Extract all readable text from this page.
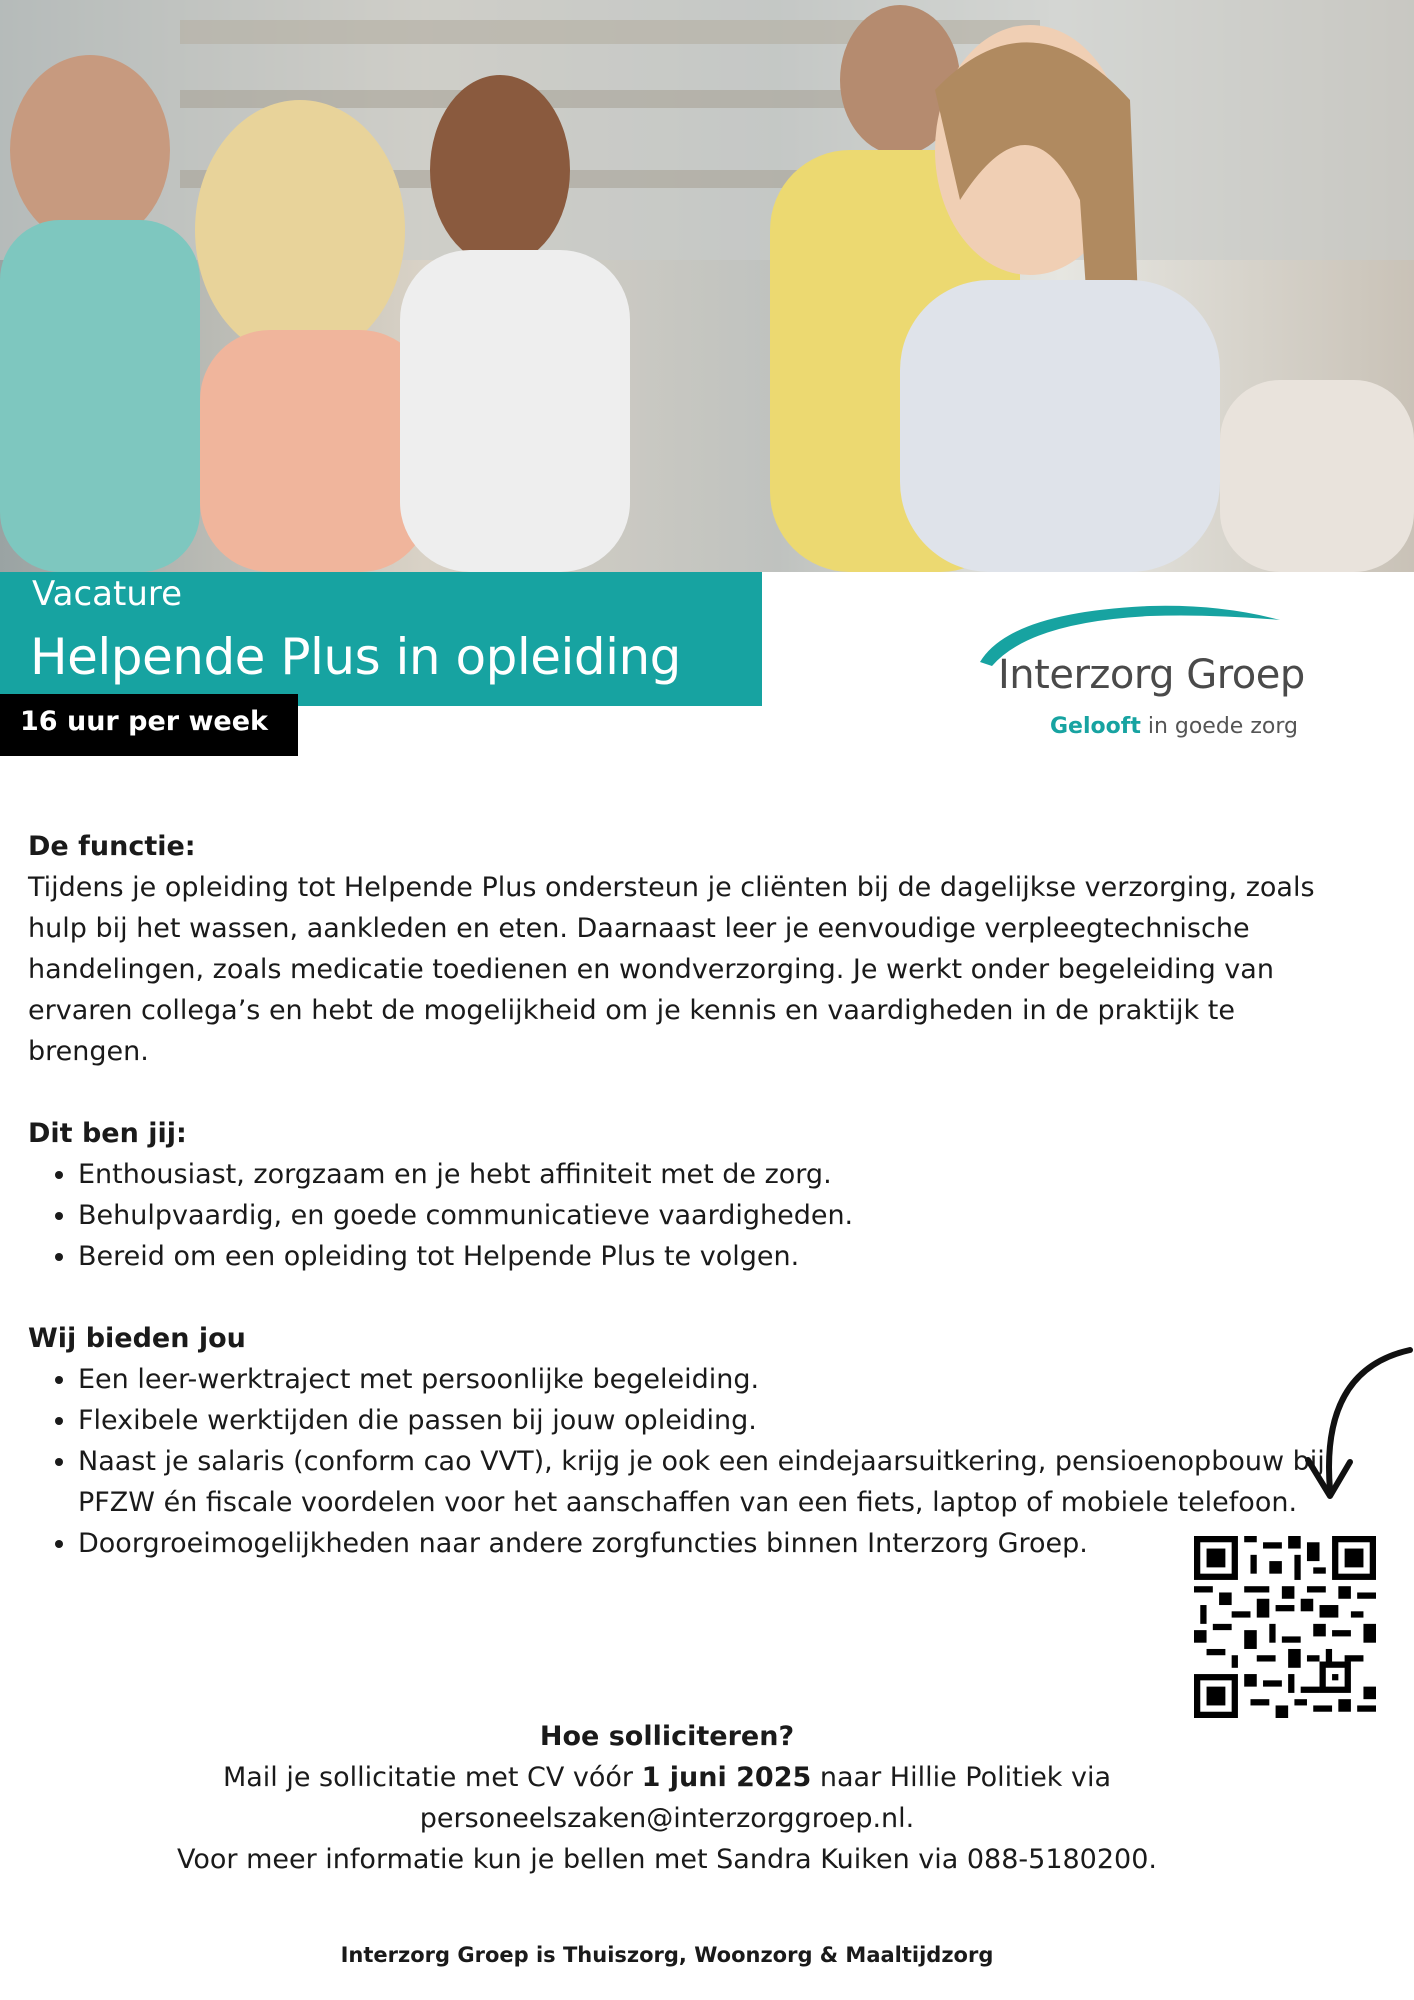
Vacature
Helpende Plus in opleiding
16 uur per week
Interzorg Groep
Gelooft in goede zorg
De functie:

Tijdens je opleiding tot Helpende Plus ondersteun je cliënten bij de dagelijkse verzorging, zoals hulp bij het wassen, aankleden en eten. Daarnaast leer je eenvoudige verpleegtechnische handelingen, zoals medicatie toedienen en wondverzorging. Je werkt onder begeleiding van ervaren collega’s en hebt de mogelijkheid om je kennis en vaardigheden in de praktijk te brengen.

Dit ben jij:
• Enthousiast, zorgzaam en je hebt affiniteit met de zorg.
• Behulpvaardig, en goede communicatieve vaardigheden.
• Bereid om een opleiding tot Helpende Plus te volgen.
Wij bieden jou
• Een leer-werktraject met persoonlijke begeleiding.
• Flexibele werktijden die passen bij jouw opleiding.
• Naast je salaris (conform cao VVT), krijg je ook een eindejaarsuitkering, pensioenopbouw bij PFZW én fiscale voordelen voor het aanschaffen van een fiets, laptop of mobiele telefoon.
• Doorgroeimogelijkheden naar andere zorgfuncties binnen Interzorg Groep.
Hoe solliciteren?
Mail je sollicitatie met CV vóór 1 juni 2025 naar Hillie Politiek via
personeelszaken@interzorggroep.nl.
Voor meer informatie kun je bellen met Sandra Kuiken via 088-5180200.
Interzorg Groep is Thuiszorg, Woonzorg & Maaltijdzorg
